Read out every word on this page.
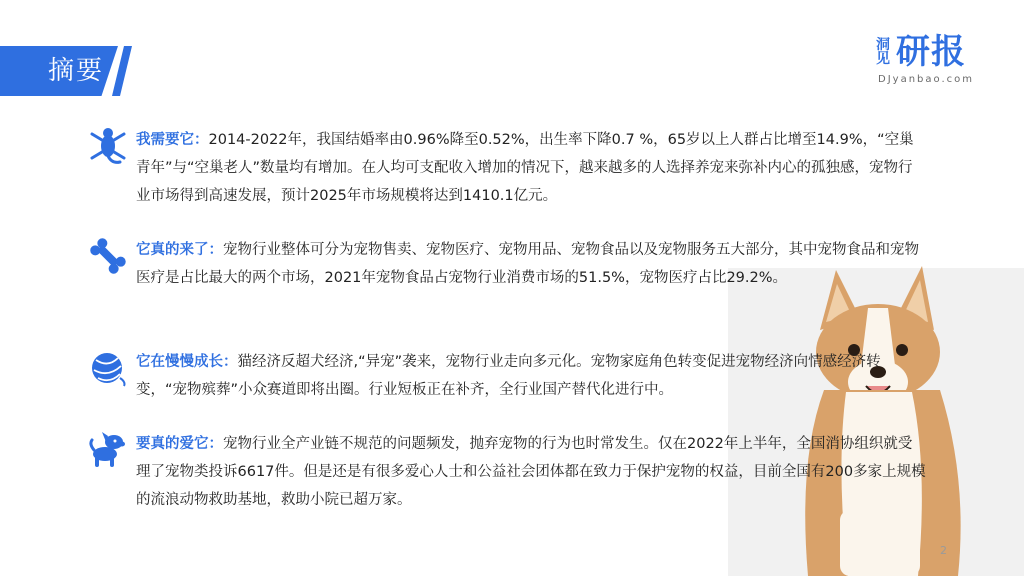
摘要
洞见 研报
DJyanbao.com
我需要它：2014-2022年，我国结婚率由0.96%降至0.52%，出生率下降0.7 %，65岁以上人群占比增至14.9%，“空巢青年”与“空巢老人”数量均有增加。在人均可支配收入增加的情况下，越来越多的人选择养宠来弥补内心的孤独感，宠物行业市场得到高速发展，预计2025年市场规模将达到1410.1亿元。
它真的来了：宠物行业整体可分为宠物售卖、宠物医疗、宠物用品、宠物食品以及宠物服务五大部分，其中宠物食品和宠物医疗是占比最大的两个市场，2021年宠物食品占宠物行业消费市场的51.5%，宠物医疗占比29.2%。
它在慢慢成长：猫经济反超犬经济,“异宠”袭来，宠物行业走向多元化。宠物家庭角色转变促进宠物经济向情感经济转变，“宠物殡葬”小众赛道即将出圈。行业短板正在补齐，全行业国产替代化进行中。
要真的爱它：宠物行业全产业链不规范的问题频发，抛弃宠物的行为也时常发生。仅在2022年上半年，全国消协组织就受理了宠物类投诉6617件。但是还是有很多爱心人士和公益社会团体都在致力于保护宠物的权益，目前全国有200多家上规模的流浪动物救助基地，救助小院已超万家。
2
